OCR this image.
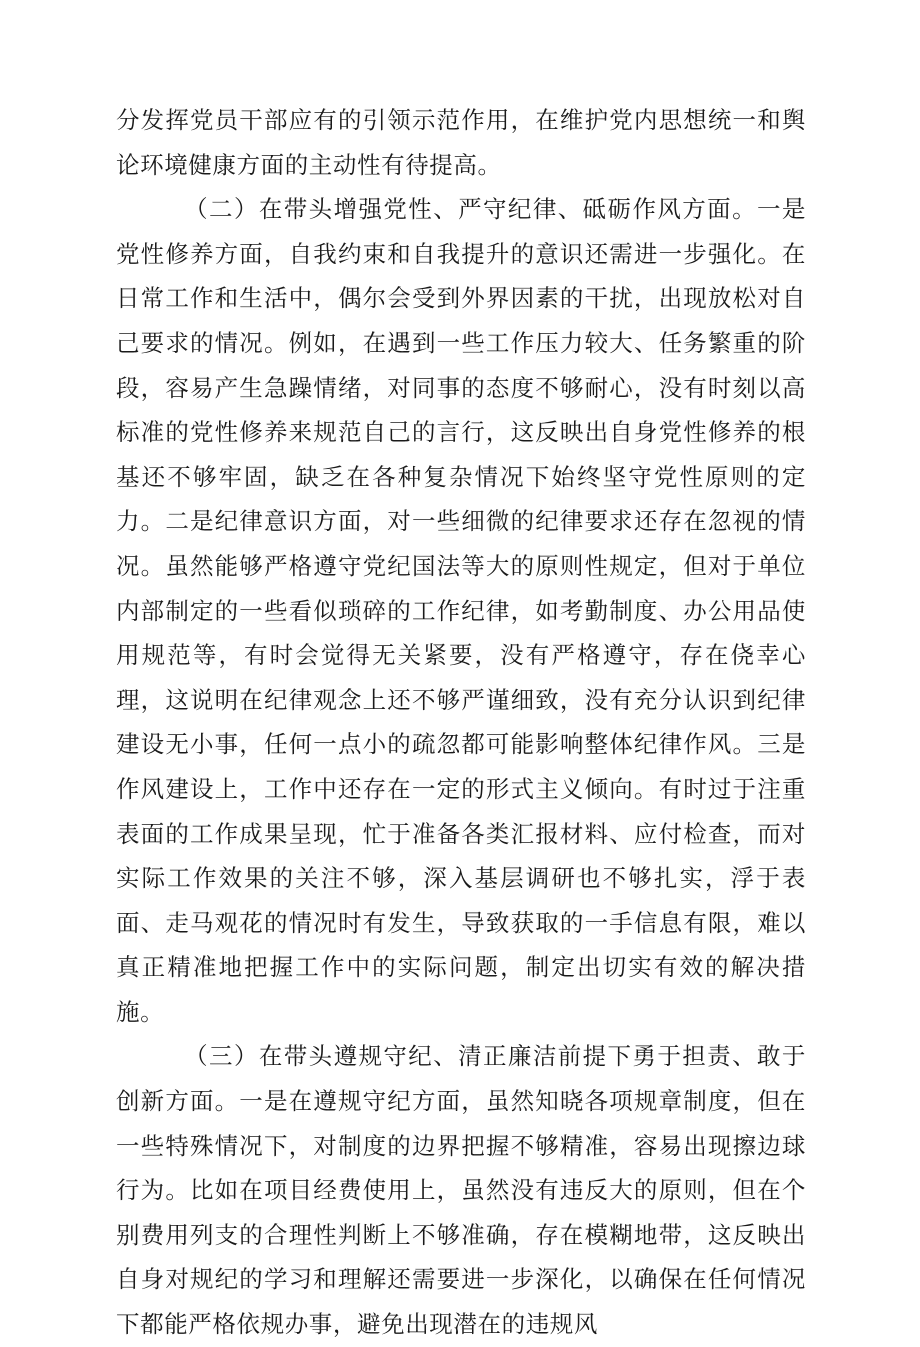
分发挥党员干部应有的引领示范作用，在维护党内思想统一和舆论环境健康方面的主动性有待提高。

（二）在带头增强党性、严守纪律、砥砺作风方面。一是党性修养方面，自我约束和自我提升的意识还需进一步强化。在日常工作和生活中，偶尔会受到外界因素的干扰，出现放松对自己要求的情况。例如，在遇到一些工作压力较大、任务繁重的阶段，容易产生急躁情绪，对同事的态度不够耐心，没有时刻以高标准的党性修养来规范自己的言行，这反映出自身党性修养的根基还不够牢固，缺乏在各种复杂情况下始终坚守党性原则的定力。二是纪律意识方面，对一些细微的纪律要求还存在忽视的情况。虽然能够严格遵守党纪国法等大的原则性规定，但对于单位内部制定的一些看似琐碎的工作纪律，如考勤制度、办公用品使用规范等，有时会觉得无关紧要，没有严格遵守，存在侥幸心理，这说明在纪律观念上还不够严谨细致，没有充分认识到纪律建设无小事，任何一点小的疏忽都可能影响整体纪律作风。三是作风建设上，工作中还存在一定的形式主义倾向。有时过于注重表面的工作成果呈现，忙于准备各类汇报材料、应付检查，而对实际工作效果的关注不够，深入基层调研也不够扎实，浮于表面、走马观花的情况时有发生，导致获取的一手信息有限，难以真正精准地把握工作中的实际问题，制定出切实有效的解决措施。

（三）在带头遵规守纪、清正廉洁前提下勇于担责、敢于创新方面。一是在遵规守纪方面，虽然知晓各项规章制度，但在一些特殊情况下，对制度的边界把握不够精准，容易出现擦边球行为。比如在项目经费使用上，虽然没有违反大的原则，但在个别费用列支的合理性判断上不够准确，存在模糊地带，这反映出自身对规纪的学习和理解还需要进一步深化，以确保在任何情况下都能严格依规办事，避免出现潜在的违规风
